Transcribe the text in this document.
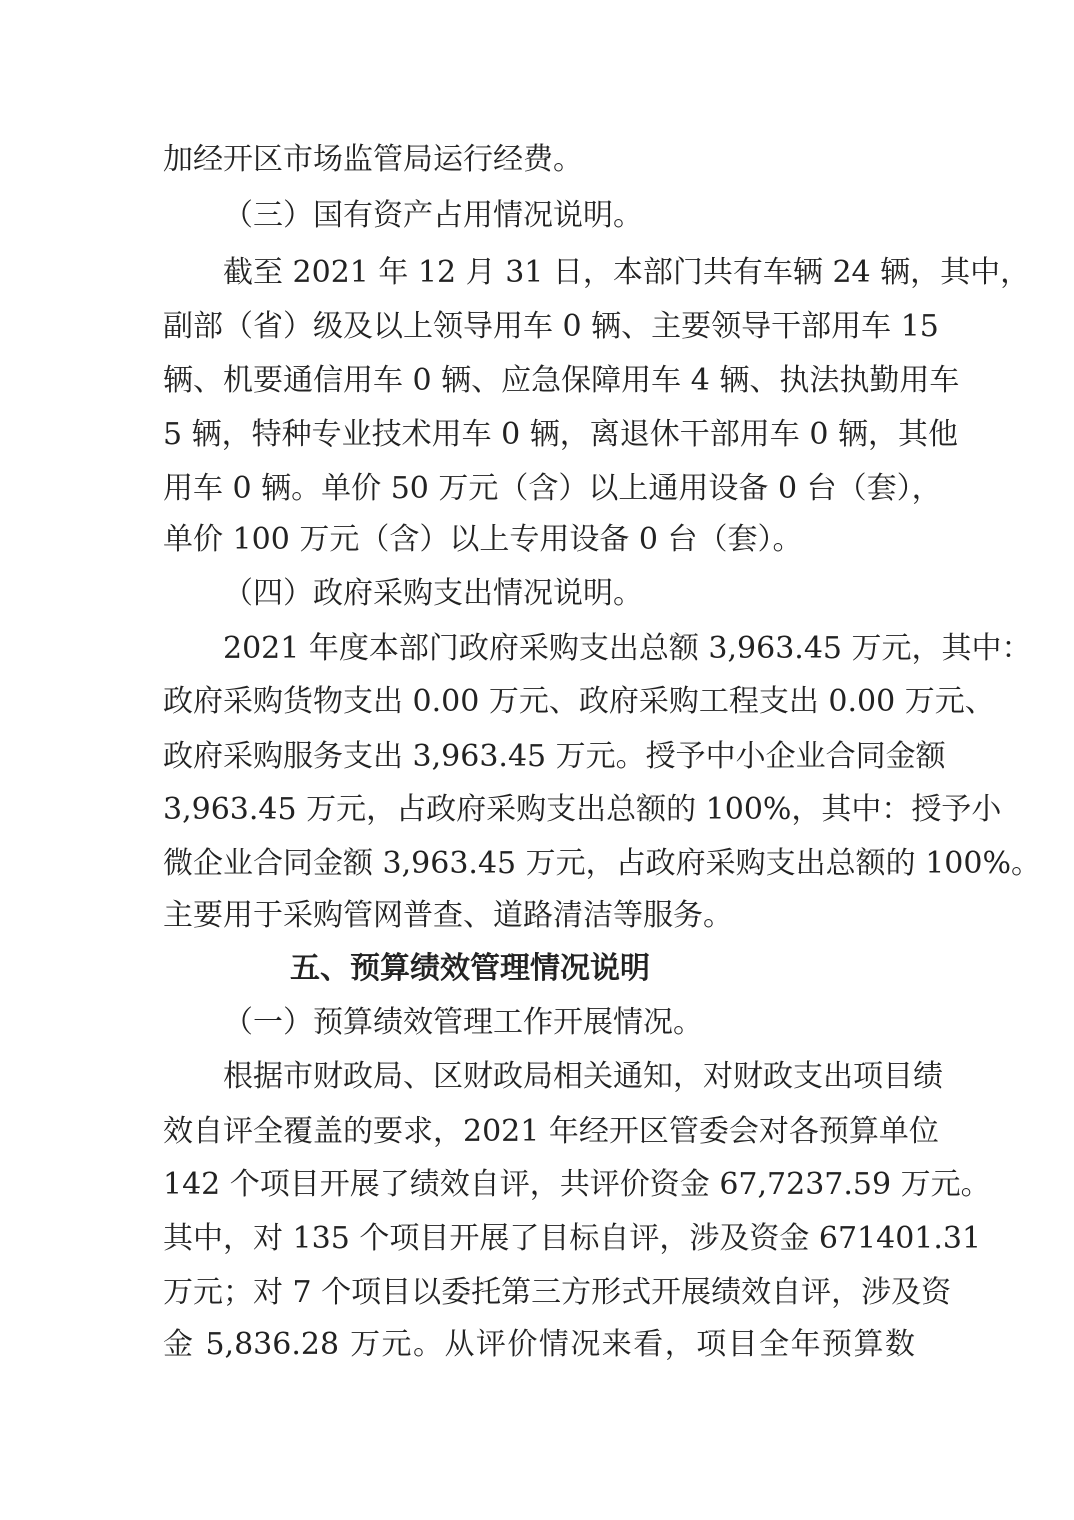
加经开区市场监管局运行经费。
（三）国有资产占用情况说明。
截至 2021 年 12 月 31 日，本部门共有车辆 24 辆，其中，
副部（省）级及以上领导用车 0 辆、主要领导干部用车 15
辆、机要通信用车 0 辆、应急保障用车 4 辆、执法执勤用车
5 辆，特种专业技术用车 0 辆，离退休干部用车 0 辆，其他
用车 0 辆。单价 50 万元（含）以上通用设备 0 台（套），
单价 100 万元（含）以上专用设备 0 台（套）。
（四）政府采购支出情况说明。
2021 年度本部门政府采购支出总额 3,963.45 万元，其中：
政府采购货物支出 0.00 万元、政府采购工程支出 0.00 万元、
政府采购服务支出 3,963.45 万元。授予中小企业合同金额
3,963.45 万元，占政府采购支出总额的 100%，其中：授予小
微企业合同金额 3,963.45 万元，占政府采购支出总额的 100%。
主要用于采购管网普查、道路清洁等服务。
五、预算绩效管理情况说明
（一）预算绩效管理工作开展情况。
根据市财政局、区财政局相关通知，对财政支出项目绩
效自评全覆盖的要求，2021 年经开区管委会对各预算单位
142 个项目开展了绩效自评，共评价资金 67,7237.59 万元。
其中，对 135 个项目开展了目标自评，涉及资金 671401.31
万元；对 7 个项目以委托第三方形式开展绩效自评，涉及资
金 5,836.28 万元。从评价情况来看，项目全年预算数
